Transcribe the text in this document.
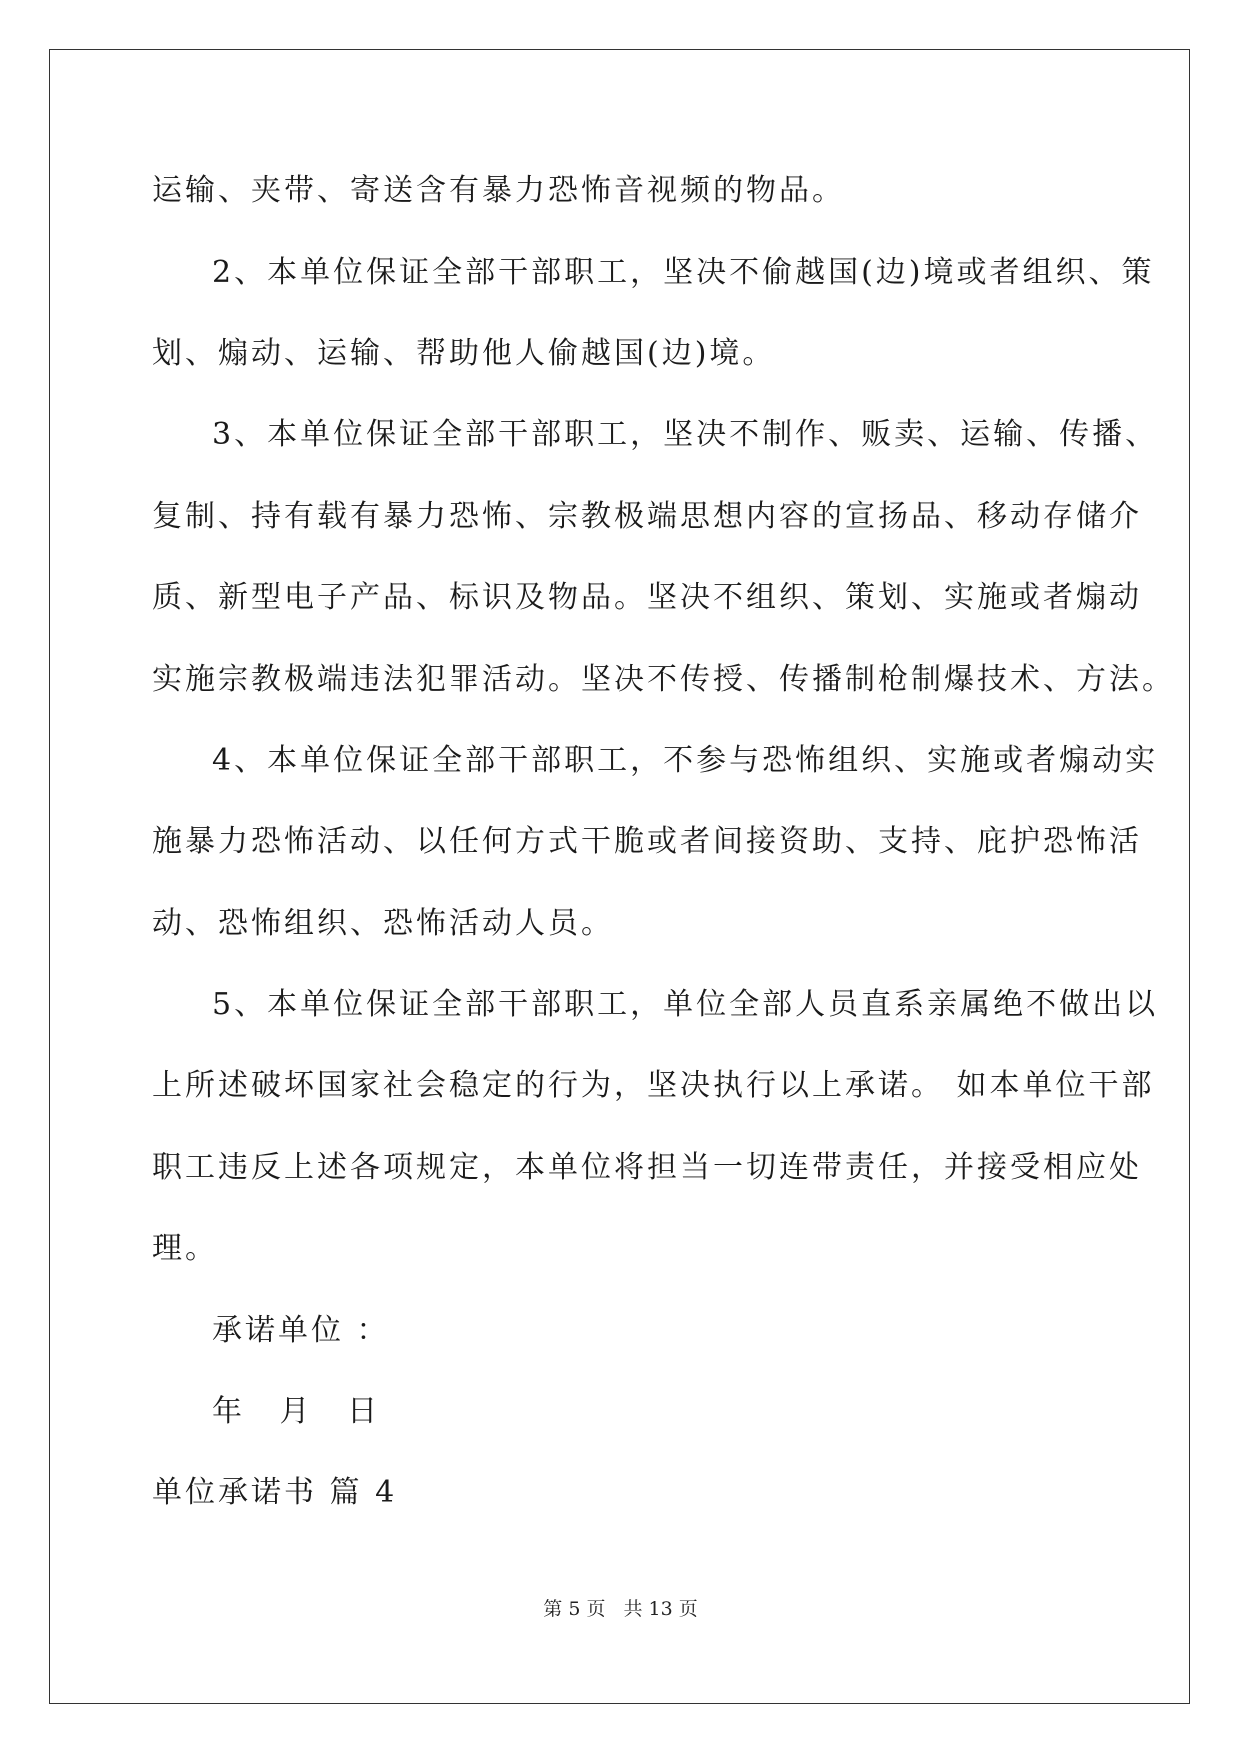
运输、夹带、寄送含有暴力恐怖音视频的物品。
2、本单位保证全部干部职工，坚决不偷越国(边)境或者组织、策
划、煽动、运输、帮助他人偷越国(边)境。
3、本单位保证全部干部职工，坚决不制作、贩卖、运输、传播、
复制、持有载有暴力恐怖、宗教极端思想内容的宣扬品、移动存储介
质、新型电子产品、标识及物品。坚决不组织、策划、实施或者煽动
实施宗教极端违法犯罪活动。坚决不传授、传播制枪制爆技术、方法。
4、本单位保证全部干部职工，不参与恐怖组织、实施或者煽动实
施暴力恐怖活动、以任何方式干脆或者间接资助、支持、庇护恐怖活
动、恐怖组织、恐怖活动人员。
5、本单位保证全部干部职工，单位全部人员直系亲属绝不做出以
上所述破坏国家社会稳定的行为，坚决执行以上承诺。 如本单位干部
职工违反上述各项规定，本单位将担当一切连带责任，并接受相应处
理。
承诺单位 ：
年 月 日
单位承诺书 篇 4
第 5 页 共 13 页
